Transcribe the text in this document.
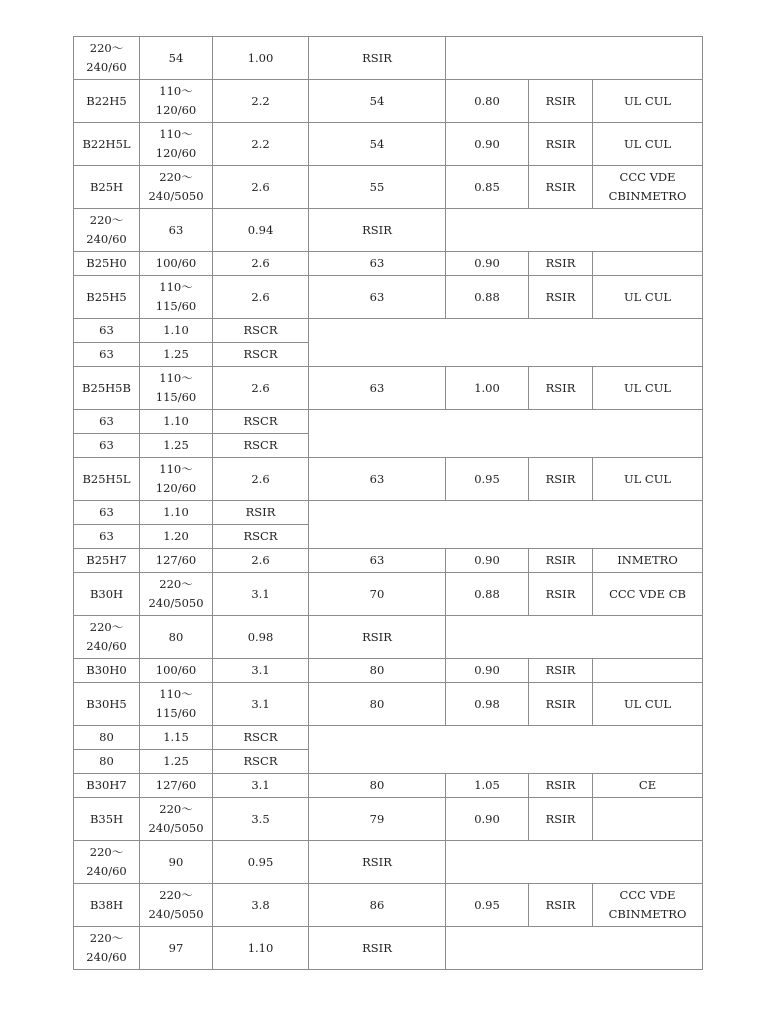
220～240/60	54	1.00	RSIR			
B22H5	110～120/60	2.2	54	0.80	RSIR	UL CUL
B22H5L	110～120/60	2.2	54	0.90	RSIR	UL CUL
B25H	220～240/5050	2.6	55	0.85	RSIR	CCC VDE CBINMETRO
220～240/60	63	0.94	RSIR			
B25H0	100/60	2.6	63	0.90	RSIR	
B25H5	110～115/60	2.6	63	0.88	RSIR	UL CUL
63	1.10	RSCR				
63	1.25	RSCR				
B25H5B	110～115/60	2.6	63	1.00	RSIR	UL CUL
63	1.10	RSCR				
63	1.25	RSCR				
B25H5L	110～120/60	2.6	63	0.95	RSIR	UL CUL
63	1.10	RSIR				
63	1.20	RSCR				
B25H7	127/60	2.6	63	0.90	RSIR	INMETRO
B30H	220～240/5050	3.1	70	0.88	RSIR	CCC VDE CB
220～240/60	80	0.98	RSIR			
B30H0	100/60	3.1	80	0.90	RSIR	
B30H5	110～115/60	3.1	80	0.98	RSIR	UL CUL
80	1.15	RSCR				
80	1.25	RSCR				
B30H7	127/60	3.1	80	1.05	RSIR	CE
B35H	220～240/5050	3.5	79	0.90	RSIR	
220～240/60	90	0.95	RSIR			
B38H	220～240/5050	3.8	86	0.95	RSIR	CCC VDE CBINMETRO
220～240/60	97	1.10	RSIR			
